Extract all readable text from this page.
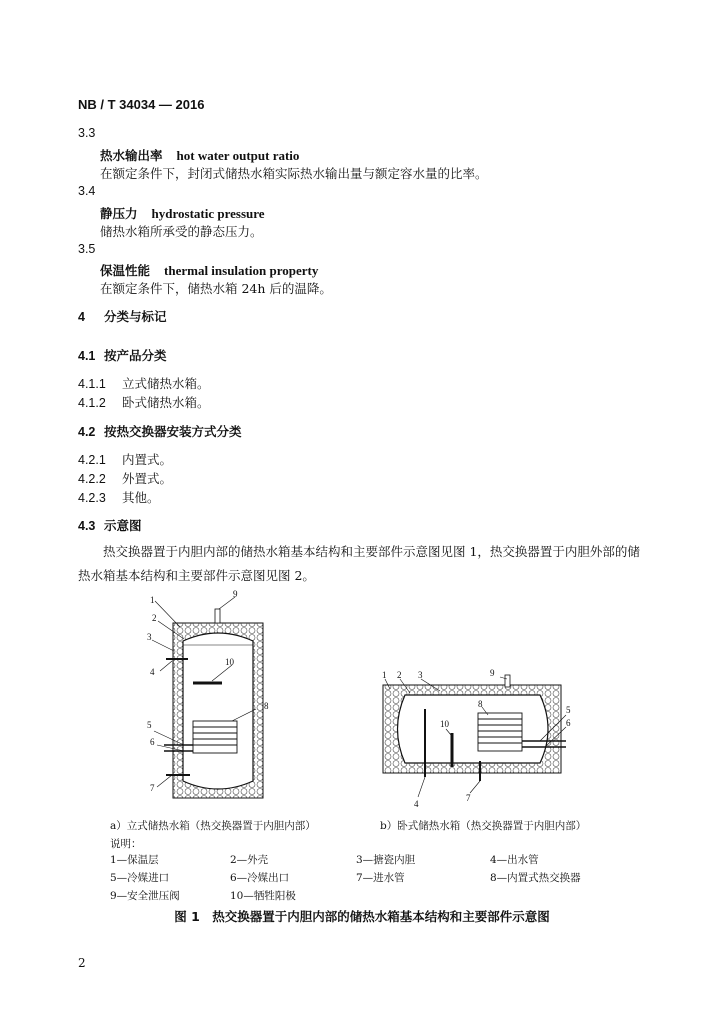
NB / T 34034 — 2016
3.3
热水输出率 hot water output ratio
在额定条件下，封闭式储热水箱实际热水输出量与额定容水量的比率。
3.4
静压力 hydrostatic pressure
储热水箱所承受的静态压力。
3.5
保温性能 thermal insulation property
在额定条件下，储热水箱 24h 后的温降。
4 分类与标记
4.1 按产品分类
4.1.1 立式储热水箱。
4.1.2 卧式储热水箱。
4.2 按热交换器安装方式分类
4.2.1 内置式。
4.2.2 外置式。
4.2.3 其他。
4.3 示意图
热交换器置于内胆内部的储热水箱基本结构和主要部件示意图见图 1，热交换器置于内胆外部的储热水箱基本结构和主要部件示意图见图 2。
1
2
3
4
5
6
7
8
9
10
1 2 3
4
5
6
7
8
9
10
a）立式储热水箱（热交换器置于内胆内部）	b）卧式储热水箱（热交换器置于内胆内部）
说明：
1—保温层	2—外壳	3—搪瓷内胆	4—出水管
5—冷媒进口	6—冷媒出口	7—进水管	8—内置式热交换器
9—安全泄压阀	10—牺牲阳极
图 1　热交换器置于内胆内部的储热水箱基本结构和主要部件示意图
2
